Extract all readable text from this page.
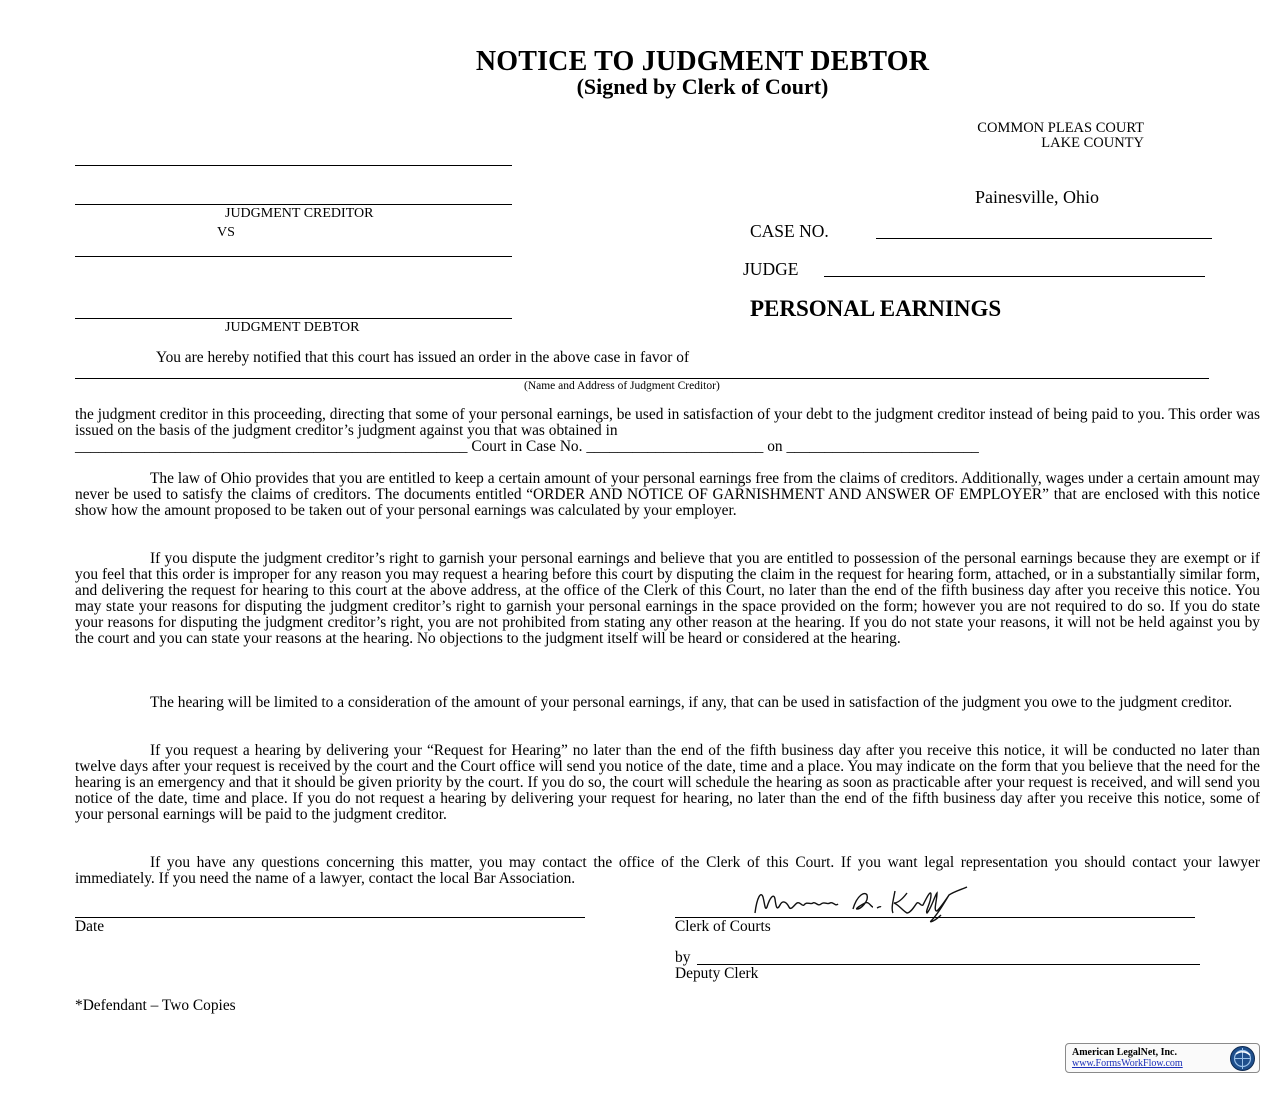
NOTICE TO JUDGMENT DEBTOR
(Signed by Clerk of Court)
COMMON PLEAS COURT
LAKE COUNTY
Painesville, Ohio
JUDGMENT CREDITOR
VS
JUDGMENT DEBTOR
CASE NO.
JUDGE
PERSONAL EARNINGS
You are hereby notified that this court has issued an order in the above case in favor of
(Name and Address of Judgment Creditor)

the judgment creditor in this proceeding, directing that some of your personal earnings, be used in satisfaction of your debt to the judgment creditor instead of being paid to you. This order was issued on the basis of the judgment creditor’s judgment against you that was obtained in

___________________________________________________ Court in Case No. _______________________ on _________________________

The law of Ohio provides that you are entitled to keep a certain amount of your personal earnings free from the claims of creditors. Additionally, wages under a certain amount may never be used to satisfy the claims of creditors. The documents entitled “ORDER AND NOTICE OF GARNISHMENT AND ANSWER OF EMPLOYER” that are enclosed with this notice show how the amount proposed to be taken out of your personal earnings was calculated by your employer.

If you dispute the judgment creditor’s right to garnish your personal earnings and believe that you are entitled to possession of the personal earnings because they are exempt or if you feel that this order is improper for any reason you may request a hearing before this court by disputing the claim in the request for hearing form, attached, or in a substantially similar form, and delivering the request for hearing to this court at the above address, at the office of the Clerk of this Court, no later than the end of the fifth business day after you receive this notice. You may state your reasons for disputing the judgment creditor’s right to garnish your personal earnings in the space provided on the form; however you are not required to do so. If you do state your reasons for disputing the judgment creditor’s right, you are not prohibited from stating any other reason at the hearing. If you do not state your reasons, it will not be held against you by the court and you can state your reasons at the hearing. No objections to the judgment itself will be heard or considered at the hearing.

The hearing will be limited to a consideration of the amount of your personal earnings, if any, that can be used in satisfaction of the judgment you owe to the judgment creditor.

If you request a hearing by delivering your “Request for Hearing” no later than the end of the fifth business day after you receive this notice, it will be conducted no later than twelve days after your request is received by the court and the Court office will send you notice of the date, time and a place. You may indicate on the form that you believe that the need for the hearing is an emergency and that it should be given priority by the court. If you do so, the court will schedule the hearing as soon as practicable after your request is received, and will send you notice of the date, time and place. If you do not request a hearing by delivering your request for hearing, no later than the end of the fifth business day after you receive this notice, some of your personal earnings will be paid to the judgment creditor.

If you have any questions concerning this matter, you may contact the office of the Clerk of this Court. If you want legal representation you should contact your lawyer immediately. If you need the name of a lawyer, contact the local Bar Association.

Date	Clerk of Courts
by
Deputy Clerk
*Defendant – Two Copies
American LegalNet, Inc.
www.FormsWorkFlow.com
